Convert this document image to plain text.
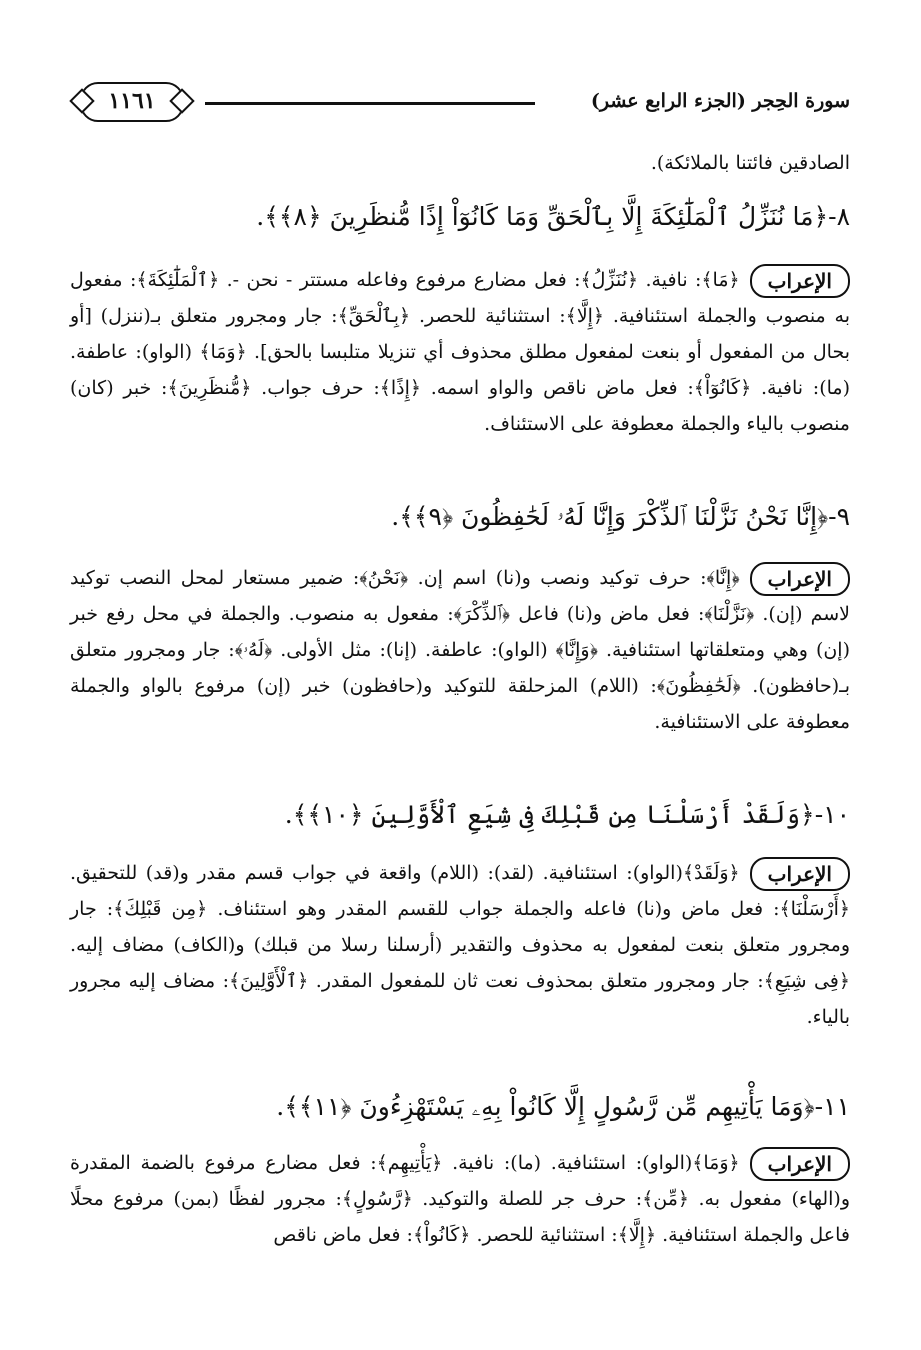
سورة الحِجر (الجزء الرابع عشر)
١١٦١
الصادقين فائتنا بالملائكة).
٨-﴿مَا نُنَزِّلُ ٱلْمَلَٰٓئِكَةَ إِلَّا بِٱلْحَقِّ وَمَا كَانُوٓاْ إِذًا مُّنظَرِينَ ﴿٨﴾﴾.
الإعراب
﴿مَا﴾: نافية. ﴿نُنَزِّلُ﴾: فعل مضارع مرفوع وفاعله مستتر - نحن -. ﴿ٱلْمَلَٰٓئِكَةَ﴾: مفعول به منصوب والجملة استئنافية. ﴿إِلَّا﴾: استثنائية للحصر. ﴿بِٱلْحَقِّ﴾: جار ومجرور متعلق بـ(ننزل) [أو بحال من المفعول أو بنعت لمفعول مطلق محذوف أي تنزيلا متلبسا بالحق]. ﴿وَمَا﴾ (الواو): عاطفة. (ما): نافية. ﴿كَانُوٓاْ﴾: فعل ماض ناقص والواو اسمه. ﴿إِذًا﴾: حرف جواب. ﴿مُّنظَرِينَ﴾: خبر (كان) منصوب بالياء والجملة معطوفة على الاستئناف.
٩-﴿إِنَّا نَحْنُ نَزَّلْنَا ٱلذِّكْرَ وَإِنَّا لَهُۥ لَحَٰفِظُونَ ﴿٩﴾﴾.
الإعراب
﴿إِنَّا﴾: حرف توكيد ونصب و(نا) اسم إن. ﴿نَحْنُ﴾: ضمير مستعار لمحل النصب توكيد لاسم (إن). ﴿نَزَّلْنَا﴾: فعل ماض و(نا) فاعل ﴿ٱلذِّكْرَ﴾: مفعول به منصوب. والجملة في محل رفع خبر (إن) وهي ومتعلقاتها استئنافية. ﴿وَإِنَّا﴾ (الواو): عاطفة. (إنا): مثل الأولى. ﴿لَهُۥ﴾: جار ومجرور متعلق بـ(حافظون). ﴿لَحَٰفِظُونَ﴾: (اللام) المزحلقة للتوكيد و(حافظون) خبر (إن) مرفوع بالواو والجملة معطوفة على الاستئنافية.
١٠-﴿وَلَقَدْ أَرْسَلْنَا مِن قَبْلِكَ فِى شِيَعِ ٱلْأَوَّلِينَ ﴿١٠﴾﴾.
الإعراب
﴿وَلَقَدْ﴾(الواو): استئنافية. (لقد): (اللام) واقعة في جواب قسم مقدر و(قد) للتحقيق. ﴿أَرْسَلْنَا﴾: فعل ماض و(نا) فاعله والجملة جواب للقسم المقدر وهو استئناف. ﴿مِن قَبْلِكَ﴾: جار ومجرور متعلق بنعت لمفعول به محذوف والتقدير (أرسلنا رسلا من قبلك) و(الكاف) مضاف إليه. ﴿فِى شِيَعِ﴾: جار ومجرور متعلق بمحذوف نعت ثان للمفعول المقدر. ﴿ٱلْأَوَّلِينَ﴾: مضاف إليه مجرور بالياء.
١١-﴿وَمَا يَأْتِيهِم مِّن رَّسُولٍ إِلَّا كَانُواْ بِهِۦ يَسْتَهْزِءُونَ ﴿١١﴾﴾.
الإعراب
﴿وَمَا﴾(الواو): استئنافية. (ما): نافية. ﴿يَأْتِيهِم﴾: فعل مضارع مرفوع بالضمة المقدرة و(الهاء) مفعول به. ﴿مِّن﴾: حرف جر للصلة والتوكيد. ﴿رَّسُولٍ﴾: مجرور لفظًا (بمن) مرفوع محلًا فاعل والجملة استئنافية. ﴿إِلَّا﴾: استثنائية للحصر. ﴿كَانُواْ﴾: فعل ماض ناقص
